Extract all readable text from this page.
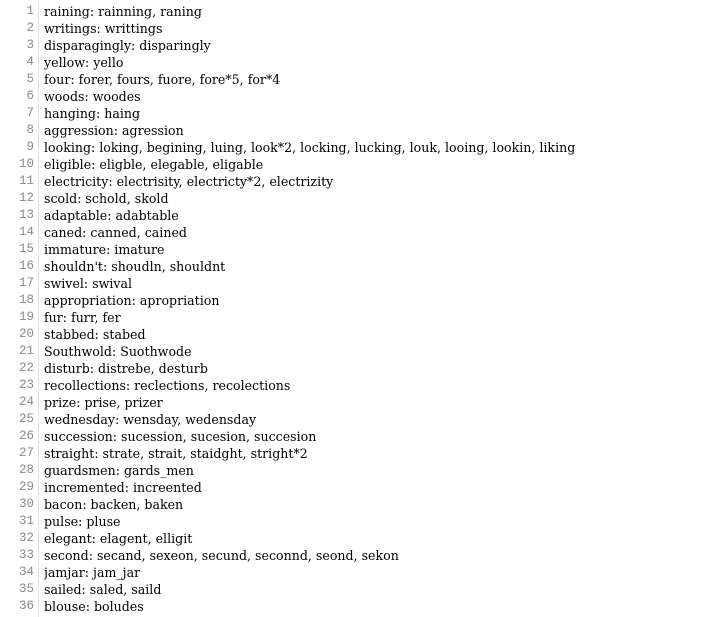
1
2
3
4
5
6
7
8
9
10
11
12
13
14
15
16
17
18
19
20
21
22
23
24
25
26
27
28
29
30
31
32
33
34
35
36
raining: rainning, raning
writings: writtings
disparagingly: disparingly
yellow: yello
four: forer, fours, fuore, fore*5, for*4
woods: woodes
hanging: haing
aggression: agression
looking: loking, begining, luing, look*2, locking, lucking, louk, looing, lookin, liking
eligible: eligble, elegable, eligable
electricity: electrisity, electricty*2, electrizity
scold: schold, skold
adaptable: adabtable
caned: canned, cained
immature: imature
shouldn't: shoudln, shouldnt
swivel: swival
appropriation: apropriation
fur: furr, fer
stabbed: stabed
Southwold: Suothwode
disturb: distrebe, desturb
recollections: reclections, recolections
prize: prise, prizer
wednesday: wensday, wedensday
succession: sucession, sucesion, succesion
straight: strate, strait, staidght, stright*2
guardsmen: gards_men
incremented: increented
bacon: backen, baken
pulse: pluse
elegant: elagent, elligit
second: secand, sexeon, secund, seconnd, seond, sekon
jamjar: jam_jar
sailed: saled, saild
blouse: boludes
